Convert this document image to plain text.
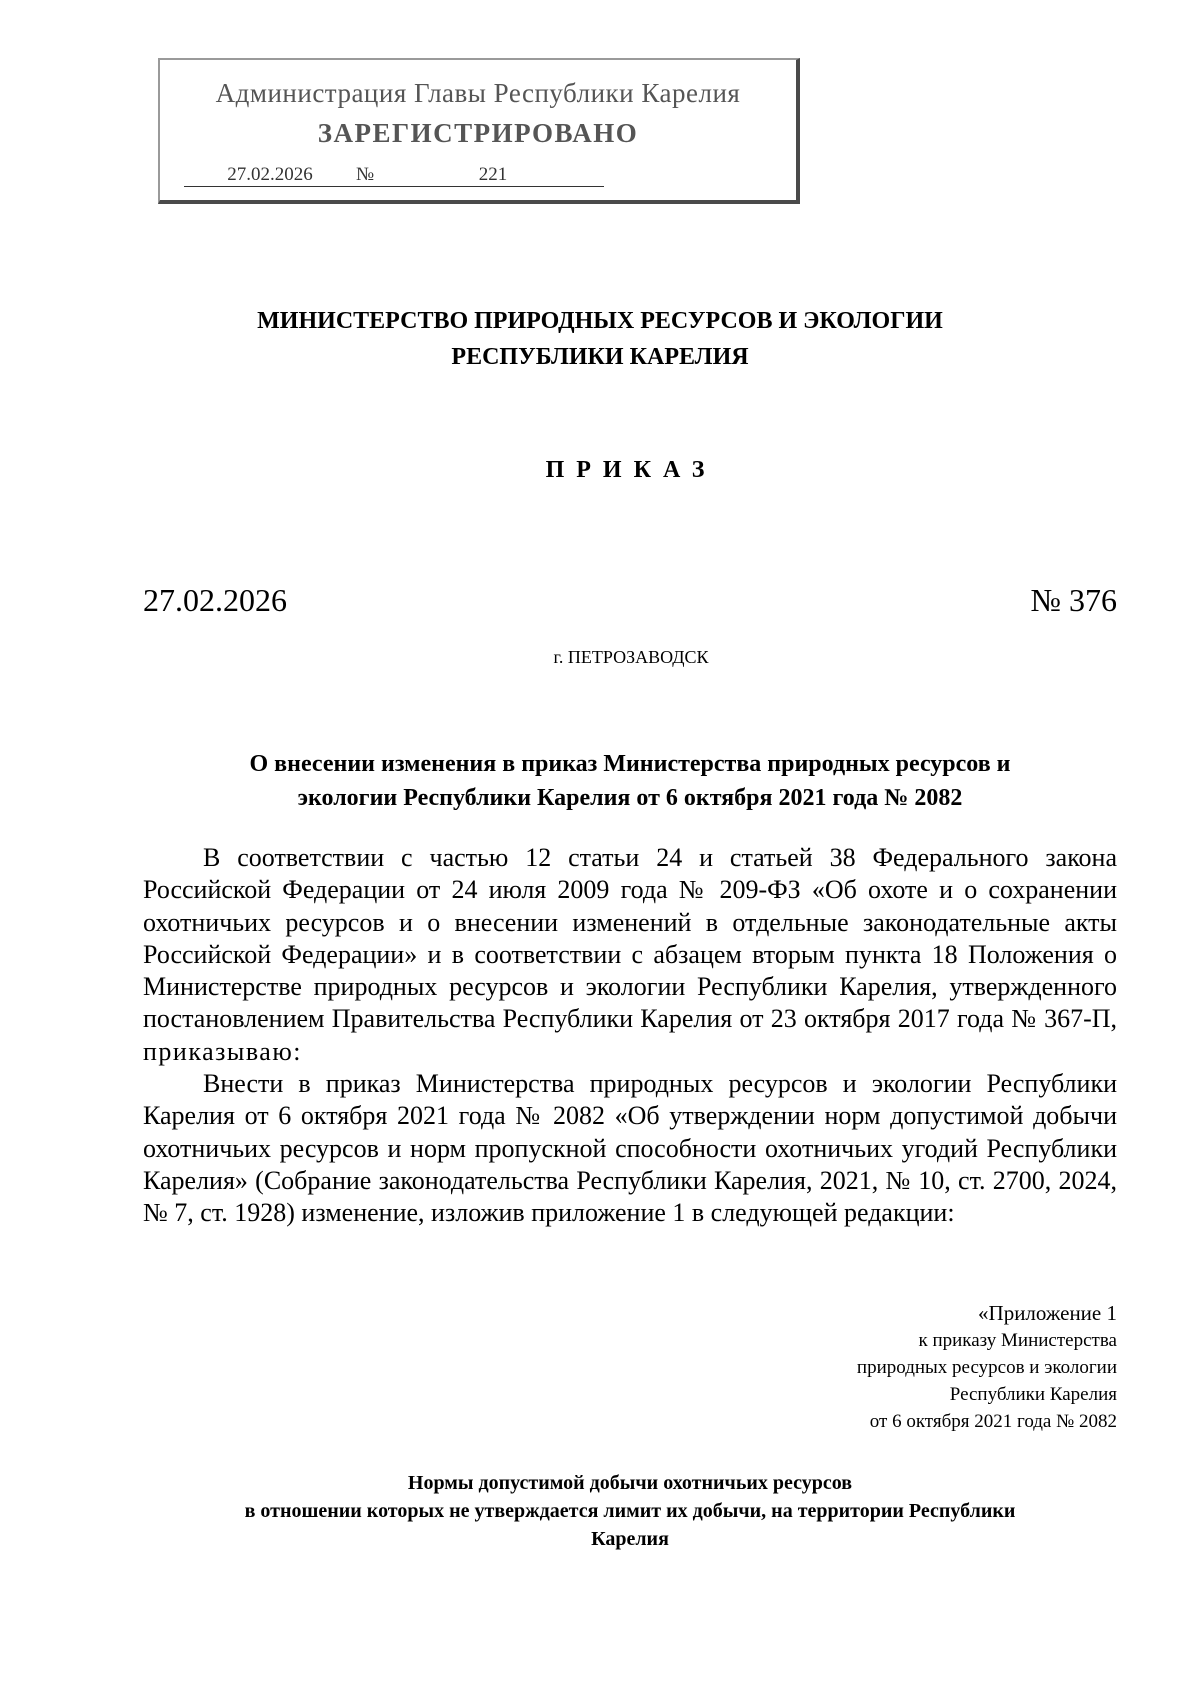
Администрация Главы Республики Карелия
ЗАРЕГИСТРИРОВАНО
27.02.2026 №	221
МИНИСТЕРСТВО ПРИРОДНЫХ РЕСУРСОВ И ЭКОЛОГИИ
РЕСПУБЛИКИ КАРЕЛИЯ
ПРИКАЗ
27.02.2026	№ 376
г. ПЕТРОЗАВОДСК
О внесении изменения в приказ Министерства природных ресурсов и
экологии Республики Карелия от 6 октября 2021 года № 2082

В соответствии с частью 12 статьи 24 и статьей 38 Федерального закона Российской Федерации от 24 июля 2009 года № 209-ФЗ «Об охоте и о сохранении охотничьих ресурсов и о внесении изменений в отдельные законодательные акты Российской Федерации» и в соответствии с абзацем вторым пункта 18 Положения о Министерстве природных ресурсов и экологии Республики Карелия, утвержденного постановлением Правительства Республики Карелия от 23 октября 2017 года № 367-П, приказываю:

Внести в приказ Министерства природных ресурсов и экологии Республики Карелия от 6 октября 2021 года № 2082 «Об утверждении норм допустимой добычи охотничьих ресурсов и норм пропускной способности охотничьих угодий Республики Карелия» (Собрание законодательства Республики Карелия, 2021, № 10, ст. 2700, 2024, № 7, ст. 1928) изменение, изложив приложение 1 в следующей редакции:

«Приложение 1
к приказу Министерства
природных ресурсов и экологии
Республики Карелия
от 6 октября 2021 года № 2082
Нормы допустимой добычи охотничьих ресурсов
в отношении которых не утверждается лимит их добычи, на территории Республики
Карелия
